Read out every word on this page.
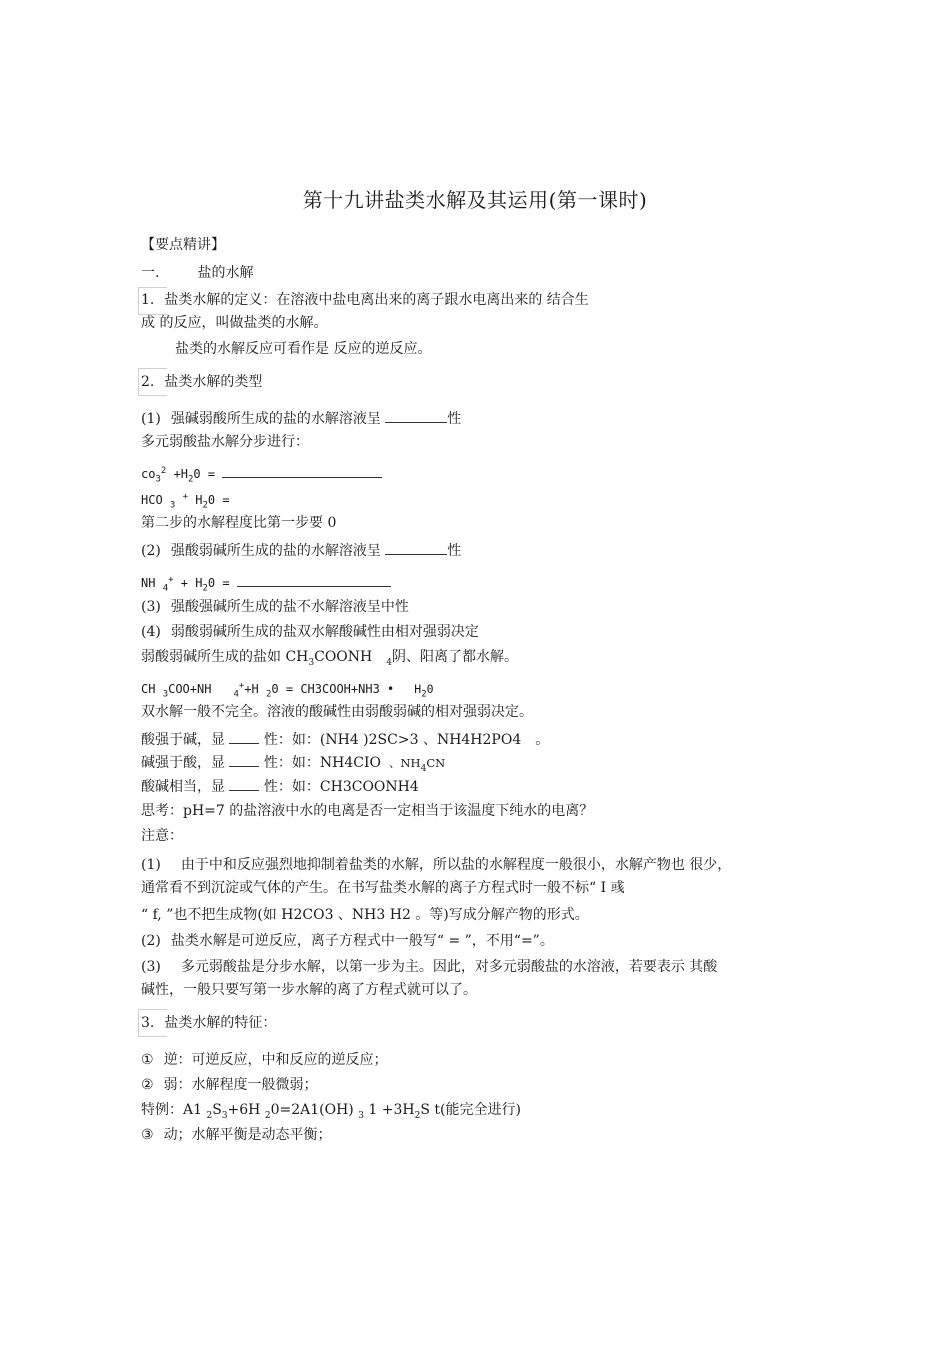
第十九讲盐类水解及其运用(第一课时)
【要点精讲】
一.	盐的水解
1. 盐类水解的定义：在溶液中盐电离出来的离子跟水电离出来的 结合生
成 的反应，叫做盐类的水解。
盐类的水解反应可看作是 反应的逆反应。
2. 盐类水解的类型
(1) 强碱弱酸所生成的盐的水解溶液呈	性
多元弱酸盐水解分步进行：
$co_3^2 +H_20$ =
HCO $_3$ + $H_20$ =
第二步的水解程度比第一步要 0
(2) 强酸弱碱所生成的盐的水解溶液呈	性
NH $_4^+ + H_20$ =
(3) 强酸强碱所生成的盐不水解溶液呈中性
(4) 弱酸弱碱所生成的盐双水解酸碱性由相对强弱决定
弱酸弱碱所生成的盐如 $CH_3COONH$ $_4$阴、阳离了都水解。
CH $_3$COO+NH $_4$++H $_2$0 = CH3COOH+NH3 • $H_20$
双水解一般不完全。溶液的酸碱性由弱酸弱碱的相对强弱决定。
酸强于碱，显	性：如：(NH4 )2SC>3 、NH4H2PO4 。
碱强于酸，显	性：如：NH4CIO 、$NH_4CN$
酸碱相当，显	性：如：CH3COONH4
思考：pH=7 的盐溶液中水的电离是否一定相当于该温度下纯水的电离？
注意：
(1) 由于中和反应强烈地抑制着盐类的水解，所以盐的水解程度一般很小，水解产物也 很少，
通常看不到沉淀或气体的产生。在书写盐类水解的离子方程式时一般不标“ I 彧
“ f, ”也不把生成物(如 H2CO3 、NH3 H2 。等)写成分解产物的形式。
(2) 盐类水解是可逆反应，离子方程式中一般写“ = ”，不用“=”。
(3) 多元弱酸盐是分步水解，以第一步为主。因此，对多元弱酸盐的水溶液，若要表示 其酸
碱性，一般只要写第一步水解的离了方程式就可以了。
3. 盐类水解的特征：
① 逆：可逆反应，中和反应的逆反应；
② 弱：水解程度一般微弱；
特例：A1 $_2S_3+6H$ $_2$0=2A1(OH) $_3$ $1 +3H_2S$ t(能完全进行)
③ 动；水解平衡是动态平衡；
